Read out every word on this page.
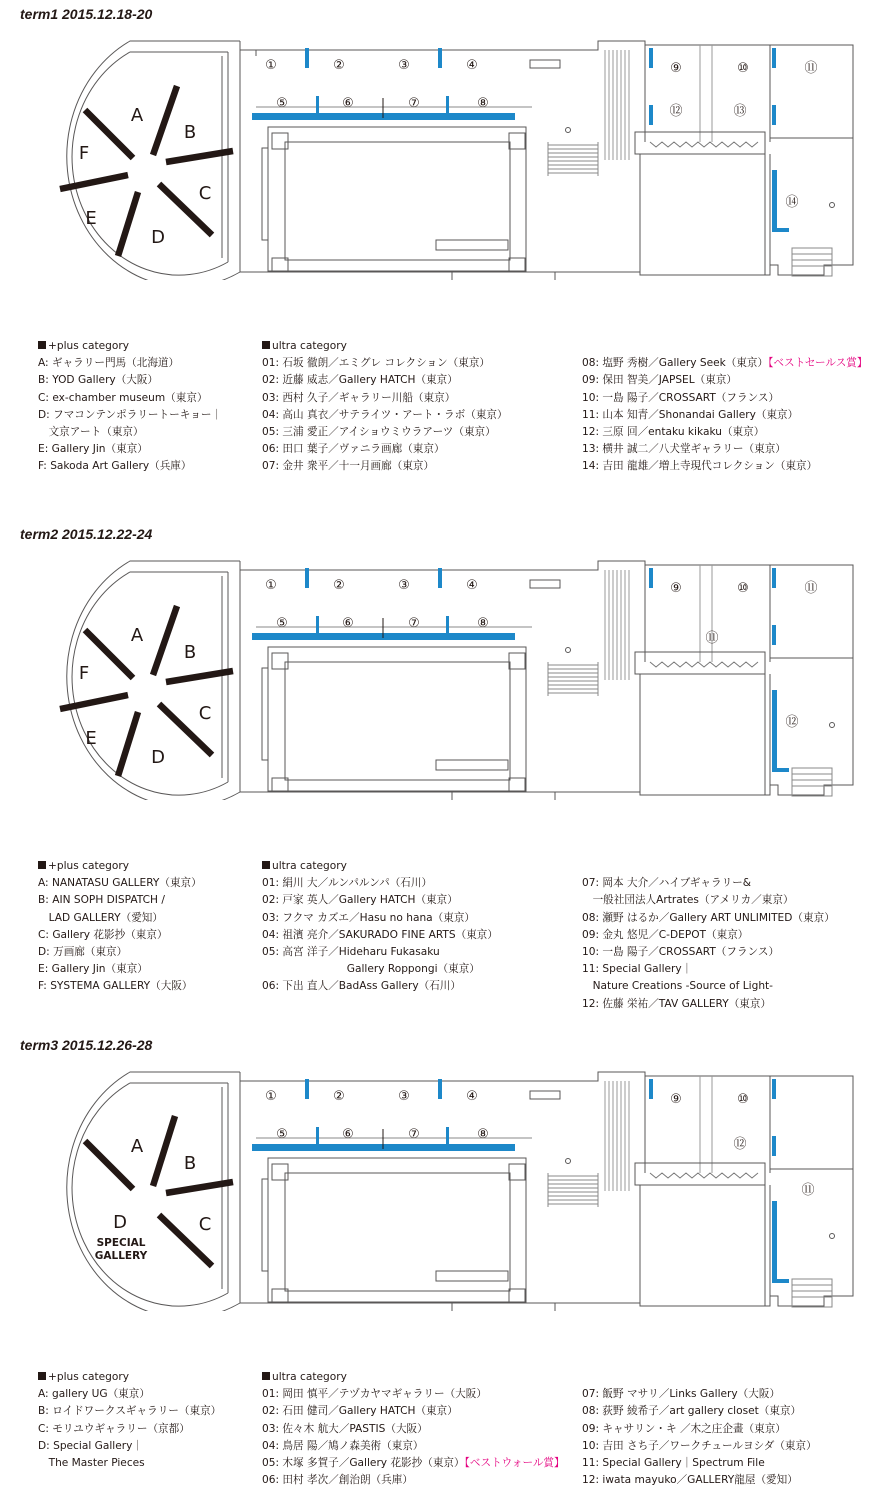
term1 2015.12.18-20
A
B
C
D
E
F
①	②	③	④
⑤	⑥	⑦	⑧
⑨	⑩	⑪
⑫	⑬
⑭
+plus category
A: ギャラリー門馬（北海道）
B: YOD Gallery（大阪）
C: ex-chamber museum（東京）
D: フマコンテンポラリートーキョー｜
　文京アート（東京）
E: Gallery Jin（東京）
F: Sakoda Art Gallery（兵庫）
ultra category
01: 石坂 徹朗／エミグレ コレクション（東京）
02: 近藤 威志／Gallery HATCH（東京）
03: 西村 久子／ギャラリー川船（東京）
04: 高山 真衣／サテライツ・アート・ラボ（東京）
05: 三浦 愛正／アイショウミウラアーツ（東京）
06: 田口 葉子／ヴァニラ画廊（東京）
07: 金井 衆平／十一月画廊（東京）

08: 塩野 秀樹／Gallery Seek（東京）【ベストセールス賞】
09: 保田 智美／JAPSEL（東京）
10: 一島 陽子／CROSSART（フランス）
11: 山本 知青／Shonandai Gallery（東京）
12: 三原 回／entaku kikaku（東京）
13: 横井 誠二／八犬堂ギャラリー（東京）
14: 吉田 龍雄／増上寺現代コレクション（東京）
term2 2015.12.22-24
A
B
C
D
E
F
①	②	③	④
⑤	⑥	⑦	⑧
⑨	⑩	⑪
⑪
⑫
+plus category
A: NANATASU GALLERY（東京）
B: AIN SOPH DISPATCH /
　LAD GALLERY（愛知）
C: Gallery 花影抄（東京）
D: 万画廊（東京）
E: Gallery Jin（東京）
F: SYSTEMA GALLERY（大阪）
ultra category
01: 絹川 大／ルンパルンパ（石川）
02: 戸家 英人／Gallery HATCH（東京）
03: フクマ カズエ／Hasu no hana（東京）
04: 祖濱 亮介／SAKURADO FINE ARTS（東京）
05: 高宮 洋子／Hideharu Fukasaku
　　　　　　　　Gallery Roppongi（東京）
06: 下出 直人／BadAss Gallery（石川）

07: 岡本 大介／ハイブギャラリー&
　一般社団法人Artrates（アメリカ／東京）
08: 瀬野 はるか／Gallery ART UNLIMITED（東京）
09: 金丸 悠児／C-DEPOT（東京）
10: 一島 陽子／CROSSART（フランス）
11: Special Gallery｜
　Nature Creations -Source of Light-
12: 佐藤 栄祐／TAV GALLERY（東京）
term3 2015.12.26-28
A
B
C
D
SPECIAL
GALLERY
①	②	③	④
⑤	⑥	⑦	⑧
⑨	⑩
⑫
⑪
+plus category
A: gallery UG（東京）
B: ロイドワークスギャラリー（東京）
C: モリユウギャラリー（京都）
D: Special Gallery｜
　The Master Pieces
ultra category
01: 岡田 慎平／テヅカヤマギャラリー（大阪）
02: 石田 健司／Gallery HATCH（東京）
03: 佐々木 航大／PASTIS（大阪）
04: 鳥居 陽／鳩ノ森美術（東京）
05: 木塚 多賀子／Gallery 花影抄（東京）【ベストウォール賞】
06: 田村 孝次／創治朗（兵庫）

07: 飯野 マサリ／Links Gallery（大阪）
08: 荻野 綾希子／art gallery closet（東京）
09: キャサリン・キ ／木之庄企畫（東京）
10: 吉田 さち子／ワークチュールヨシダ（東京）
11: Special Gallery｜Spectrum File
12: iwata mayuko／GALLERY龍屋（愛知）
